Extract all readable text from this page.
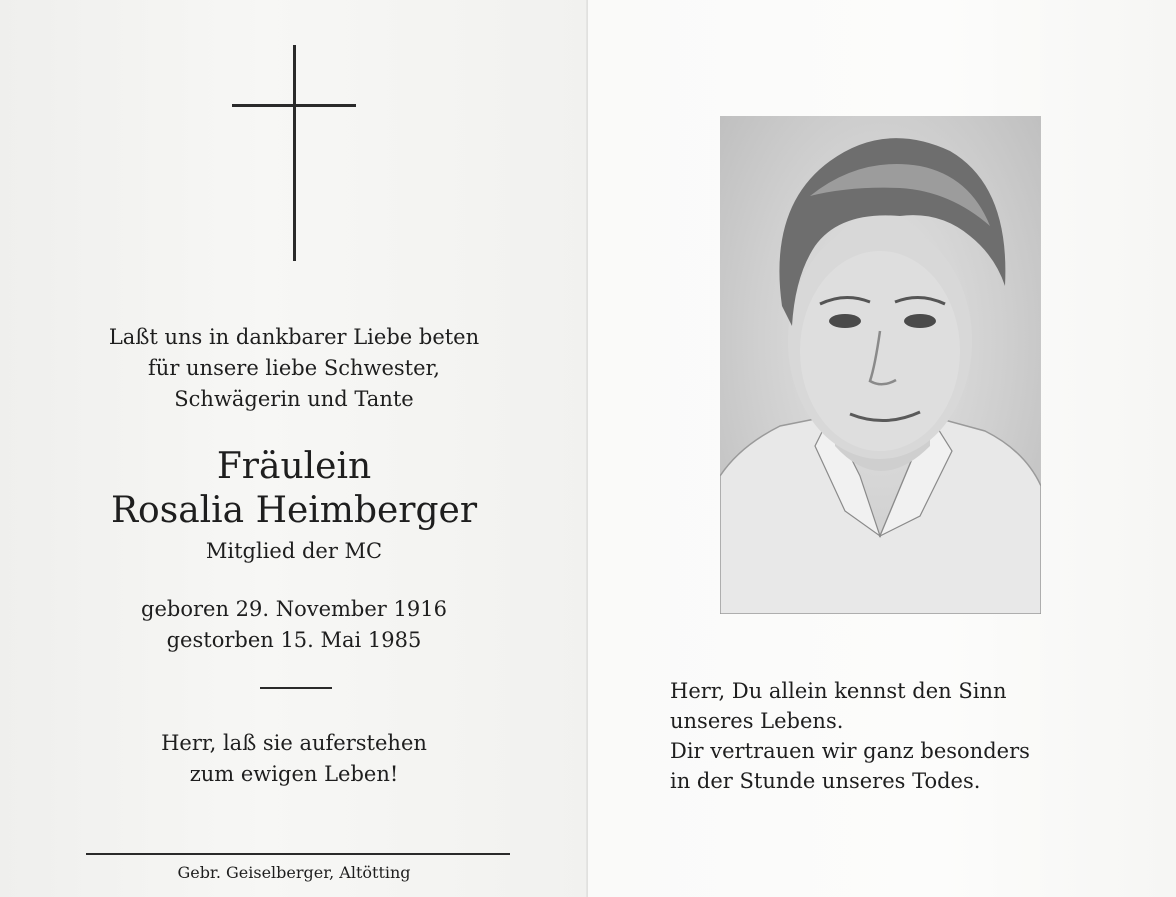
Laßt uns in dankbarer Liebe beten
für unsere liebe Schwester,
Schwägerin und Tante
Fräulein
Rosalia Heimberger
Mitglied der MC
geboren 29. November 1916
gestorben 15. Mai 1985
Herr, laß sie auferstehen
zum ewigen Leben!
Gebr. Geiselberger, Altötting
Herr, Du allein kennst den Sinn
unseres Lebens.
Dir vertrauen wir ganz besonders
in der Stunde unseres Todes.
